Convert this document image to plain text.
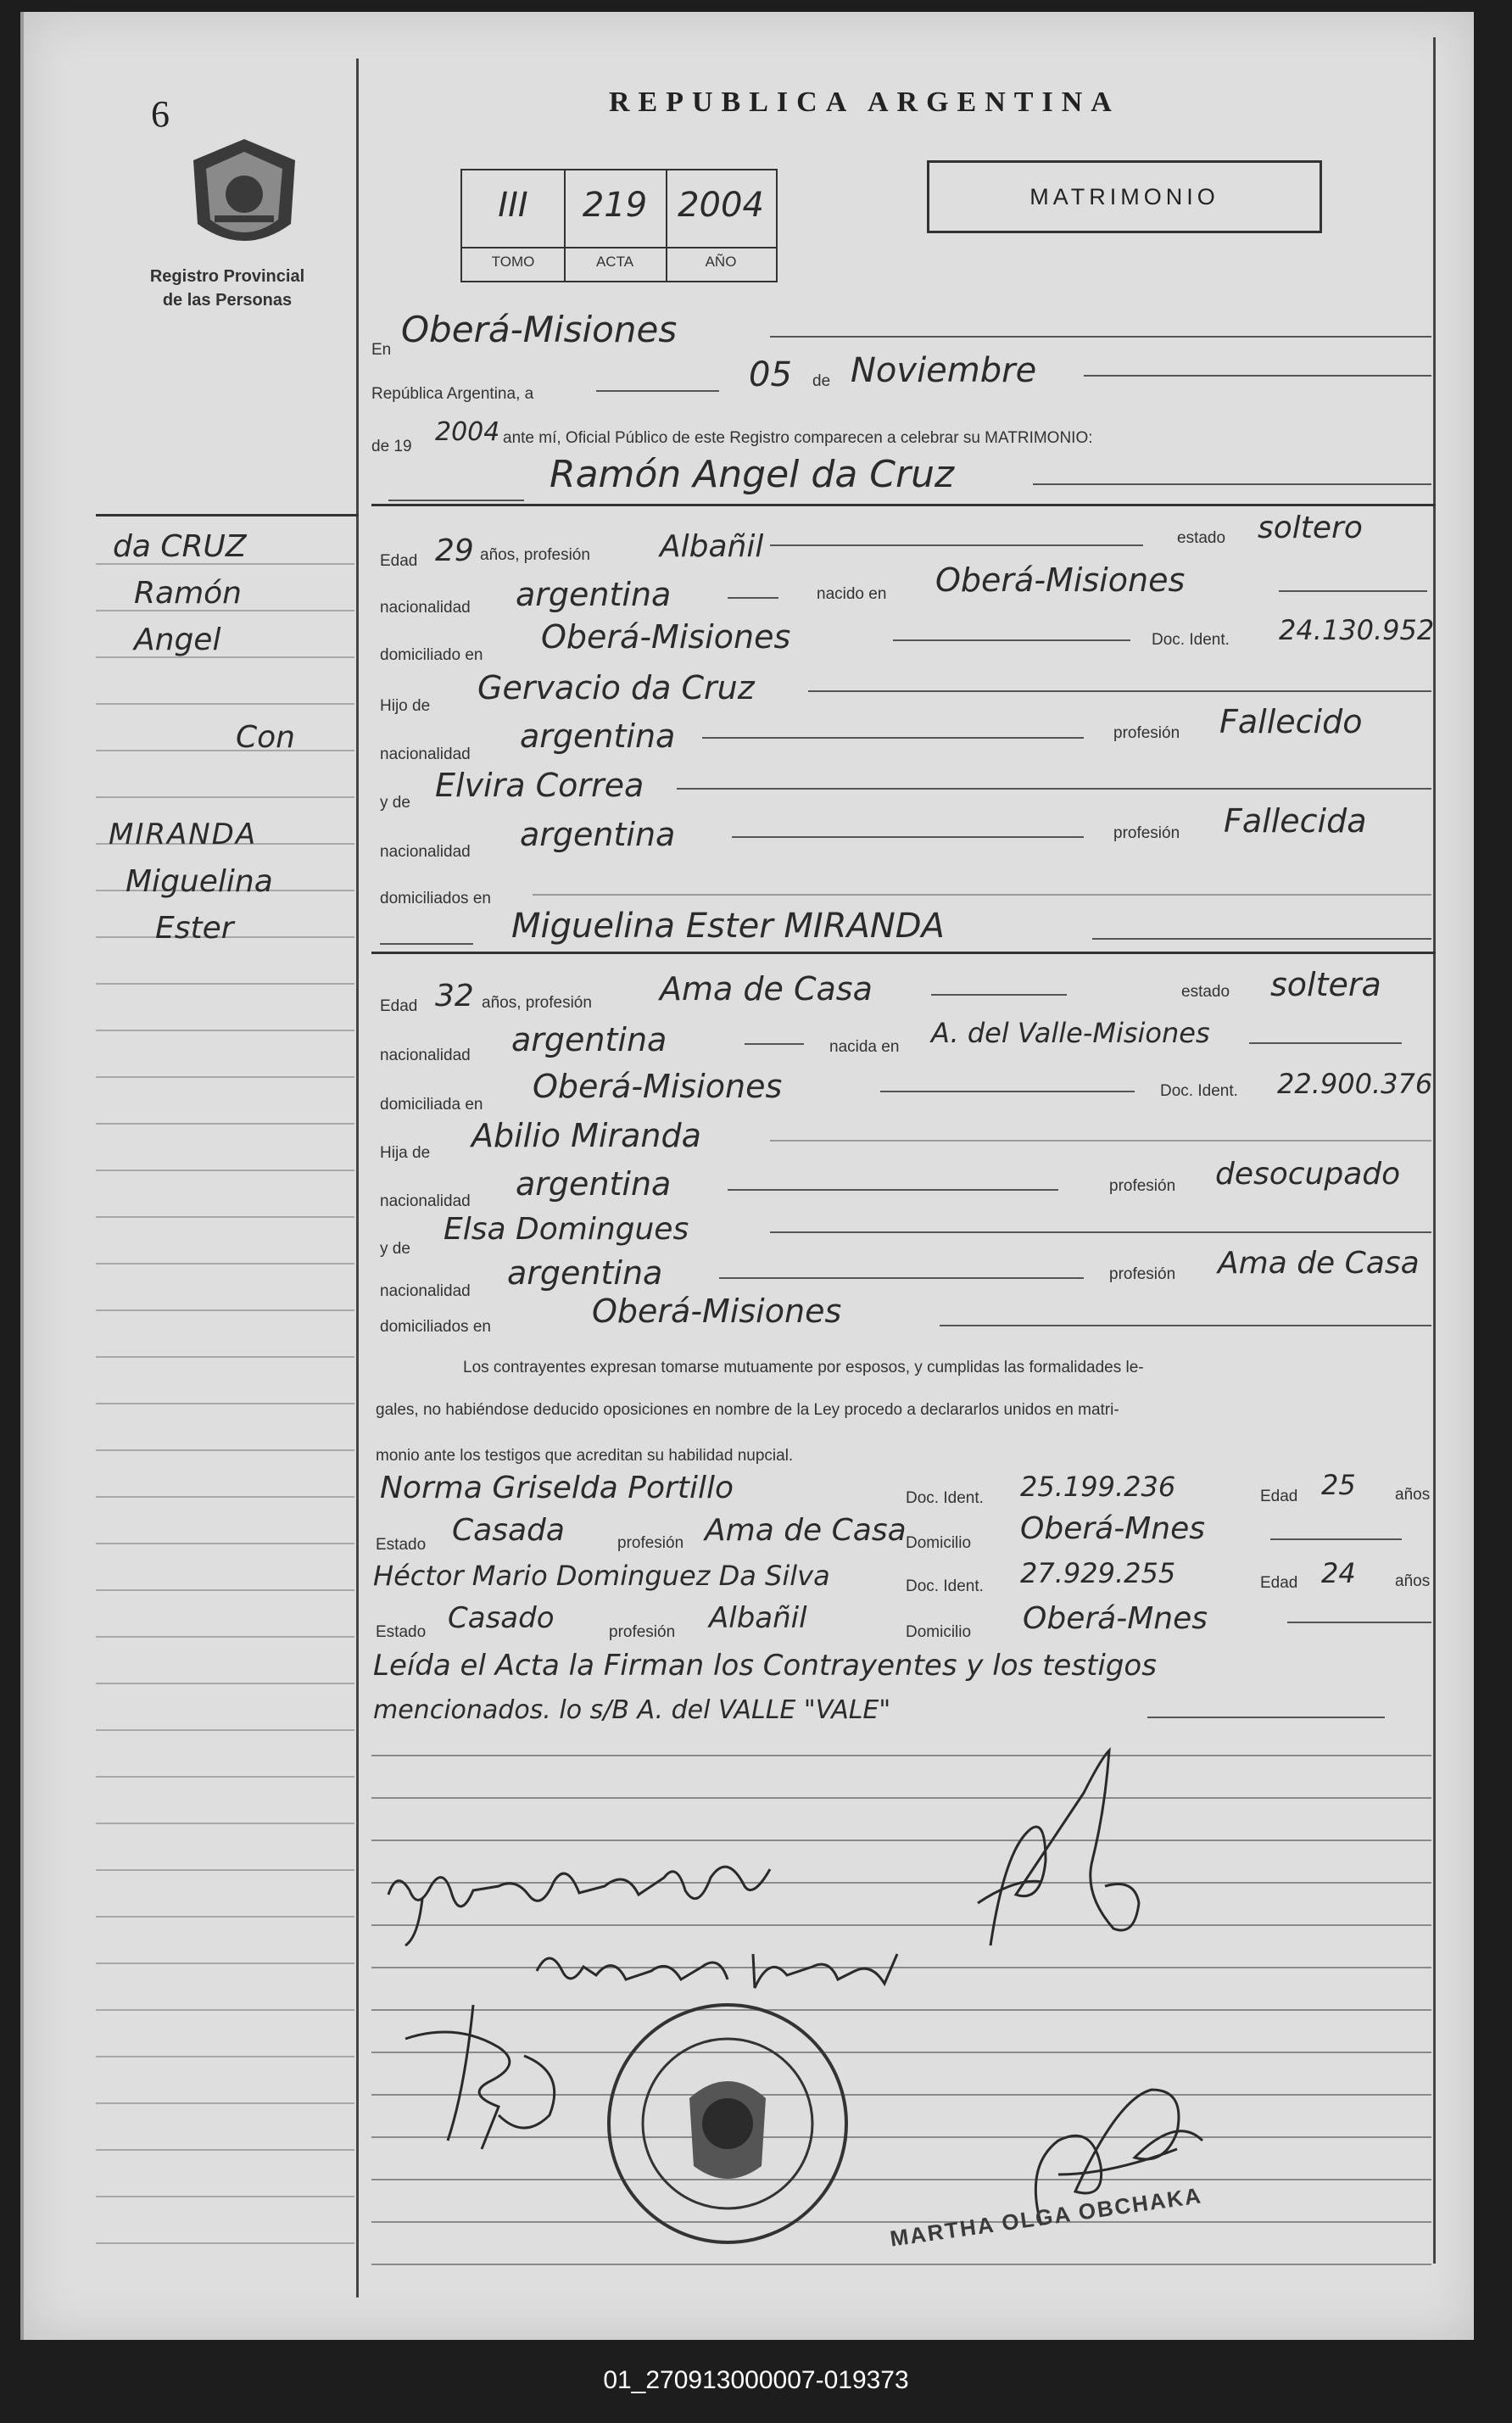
6
Registro Provincial
de las Personas
da CRUZ
Ramón
Angel
Con
MIRANDA
Miguelina
Ester
REPUBLICA ARGENTINA
MATRIMONIO
III	219 2004
TOMO	ACTA	AÑO
En Oberá-Misiones
República Argentina, a	05 de Noviembre
de 19 2004 ante mí, Oficial Público de este Registro comparecen a celebrar su MATRIMONIO:
Ramón Angel da Cruz
Edad 29 años, profesión Albañil	estado soltero
nacionalidad argentina	nacido en Oberá-Misiones
domiciliado en Oberá-Misiones	Doc. Ident. 24.130.952
Hijo de Gervacio da Cruz
nacionalidad argentina	profesión Fallecido
y de Elvira Correa
nacionalidad argentina	profesión Fallecida
domiciliados en
Miguelina Ester MIRANDA
Edad 32 años, profesión Ama de Casa	estado soltera
nacionalidad argentina	nacida en A. del Valle-Misiones
domiciliada en Oberá-Misiones	Doc. Ident. 22.900.376
Hija de Abilio Miranda
nacionalidad argentina	profesión desocupado
y de
Elsa Domingues
nacionalidad argentina	profesión Ama de Casa
domiciliados en	Oberá-Misiones
Los contrayentes expresan tomarse mutuamente por esposos, y cumplidas las formalidades le-
gales, no habiéndose deducido oposiciones en nombre de la Ley procedo a declararlos unidos en matri-
monio ante los testigos que acreditan su habilidad nupcial.
Norma Griselda Portillo	Doc. Ident. 25.199.236	Edad 25 años
Estado Casada	profesión Ama de Casa Domicilio Oberá-Mnes
Héctor Mario Dominguez Da Silva	Doc. Ident. 27.929.255	Edad 24 años
Estado Casado	profesión Albañil	Domicilio Oberá-Mnes
Leída el Acta la Firman los Contrayentes y los testigos
mencionados. lo s/B A. del VALLE "VALE"
MARTHA OLGA OBCHAKA
01_270913000007-019373
